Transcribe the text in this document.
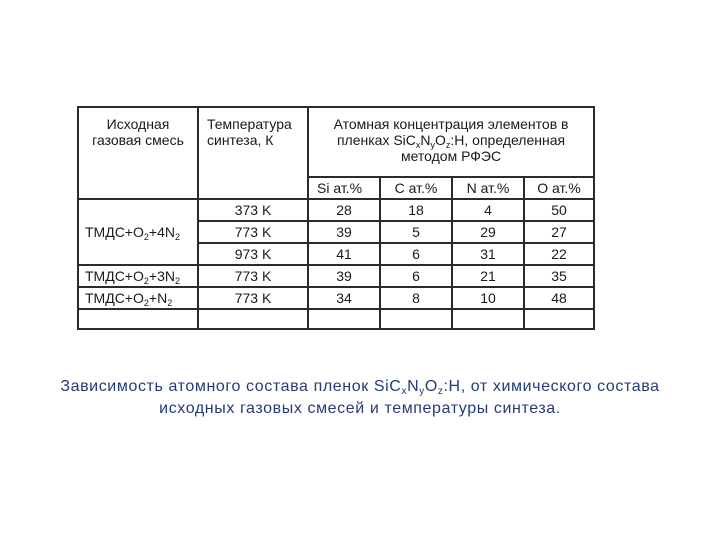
Исходная газовая смесь	Температура синтеза, К	Атомная концентрация элементов в пленках $SiC_xN_yO_z:H$, определенная методом РФЭС			
		Si ат.%	C ат.%	N ат.%	O ат.%
$ТМДС+O_2+4N_2$	373 K	28	18	4	50
	773 K	39	5	29	27
	973 K	41	6	31	22
$ТМДС+O_2+3N_2$	773 K	39	6	21	35
$ТМДС+O_2+N_2$	773 K	34	8	10	48

Зависимость атомного состава пленок $SiC_xN_yO_z:H$, от химического состава исходных газовых смесей и температуры синтеза.
